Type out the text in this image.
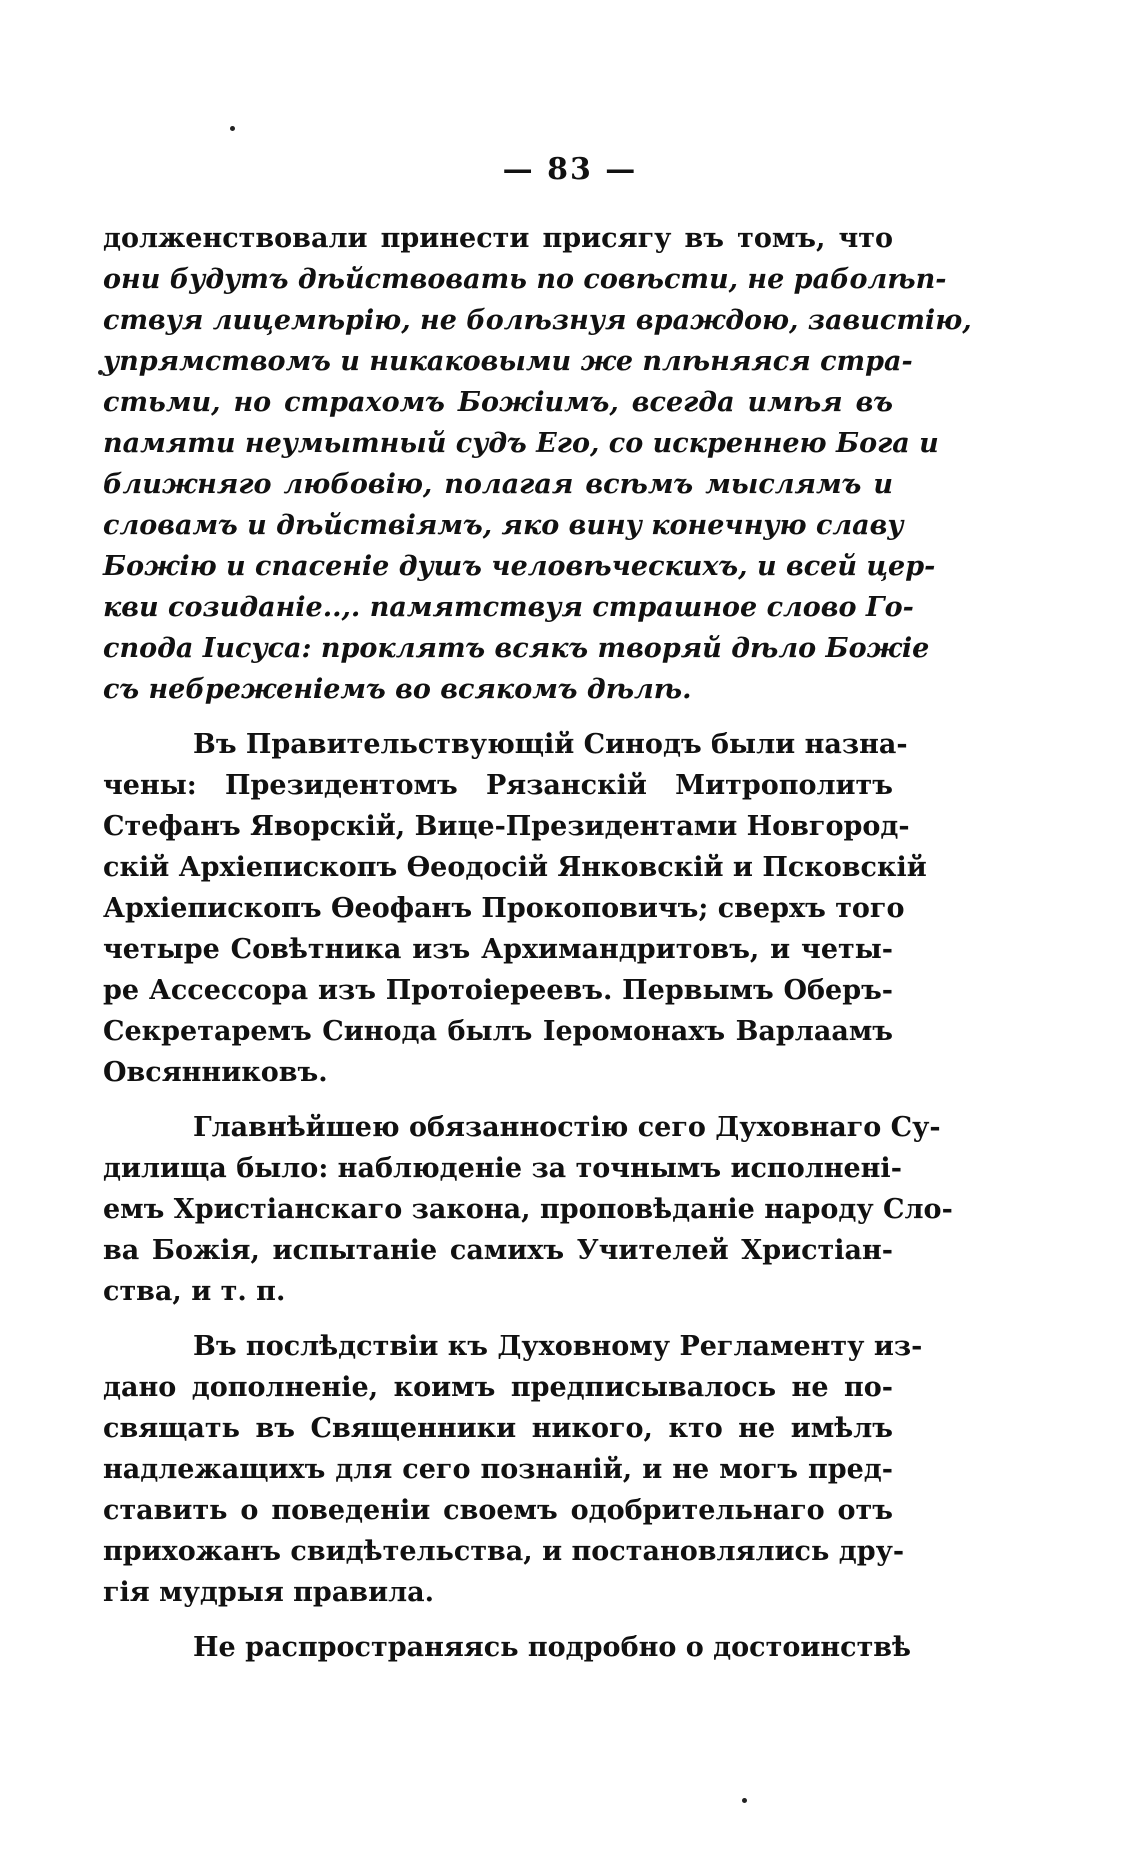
— 83 —
долженствовали принести присягу въ томъ, что
они будутъ дѣйствовать по совѣсти, не раболѣп-
ствуя лицемѣрію, не болѣзнуя враждою, завистію,
упрямствомъ и никаковыми же плѣняяся стра-
стьми, но страхомъ Божіимъ, всегда имѣя въ
памяти неумытный судъ Его, со искреннею Бога и
ближняго любовію, полагая всѣмъ мыслямъ и
словамъ и дѣйствіямъ, яко вину конечную славу
Божію и спасеніе душъ человѣческихъ, и всей цер-
кви созиданіе..,. памятствуя страшное слово Го-
спода Іисуса: проклятъ всякъ творяй дѣло Божіе
съ небреженіемъ во всякомъ дѣлѣ.
Въ Правительствующій Синодъ были назна-
чены: Президентомъ Рязанскій Митрополитъ
Стефанъ Яворскій, Вице-Президентами Новгород-
скій Архіепископъ Ѳеодосій Янковскій и Псковскій
Архіепископъ Ѳеофанъ Прокоповичъ; сверхъ того
четыре Совѣтника изъ Архимандритовъ, и четы-
ре Ассессора изъ Протоіереевъ. Первымъ Оберъ-
Секретаремъ Синода былъ Іеромонахъ Варлаамъ
Овсянниковъ.
Главнѣйшею обязанностію сего Духовнаго Су-
дилища было: наблюденіе за точнымъ исполнені-
емъ Христіанскаго закона, проповѣданіе народу Сло-
ва Божія, испытаніе самихъ Учителей Христіан-
ства, и т. п.
Въ послѣдствіи къ Духовному Регламенту из-
дано дополненіе, коимъ предписывалось не по-
свящать въ Священники никого, кто не имѣлъ
надлежащихъ для сего познаній, и не могъ пред-
ставить о поведеніи своемъ одобрительнаго отъ
прихожанъ свидѣтельства, и постановлялись дру-
гія мудрыя правила.
Не распространяясь подробно о достоинствѣ
